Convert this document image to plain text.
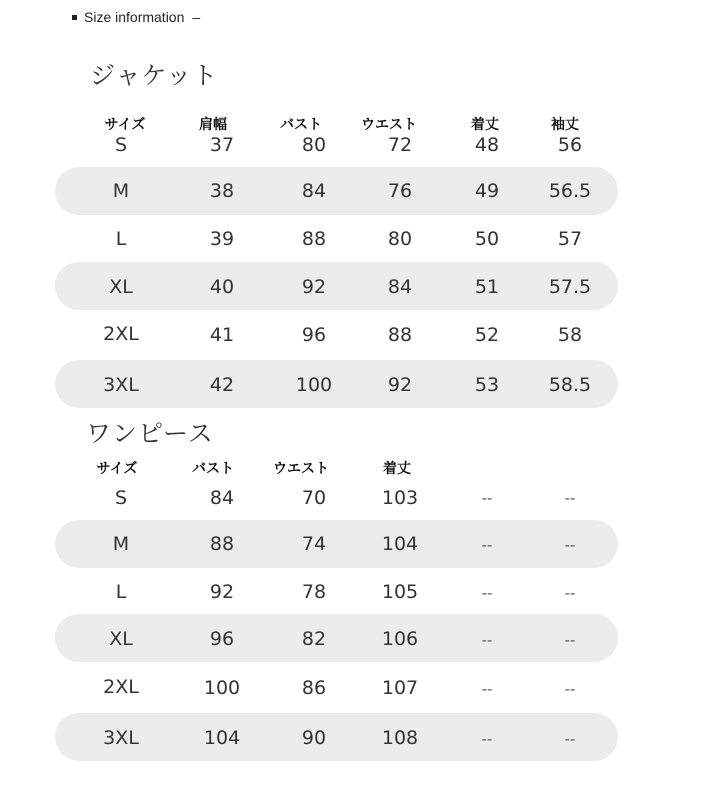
Size information –
ジャケット
サイズ	肩幅	バスト	ウエスト	着丈	袖丈
S	37	80	72	48	56
M	38	84	76	49	56.5
L	39	88	80	50	57
XL	40	92	84	51	57.5
2XL	41	96	88	52	58
3XL	42	100	92	53	58.5
ワンピース
サイズ	バスト	ウエスト	着丈
S	84	70	103	--	--
M	88	74	104	--	--
L	92	78	105	--	--
XL	96	82	106	--	--
2XL	100	86	107	--	--
3XL	104	90	108	--	--
